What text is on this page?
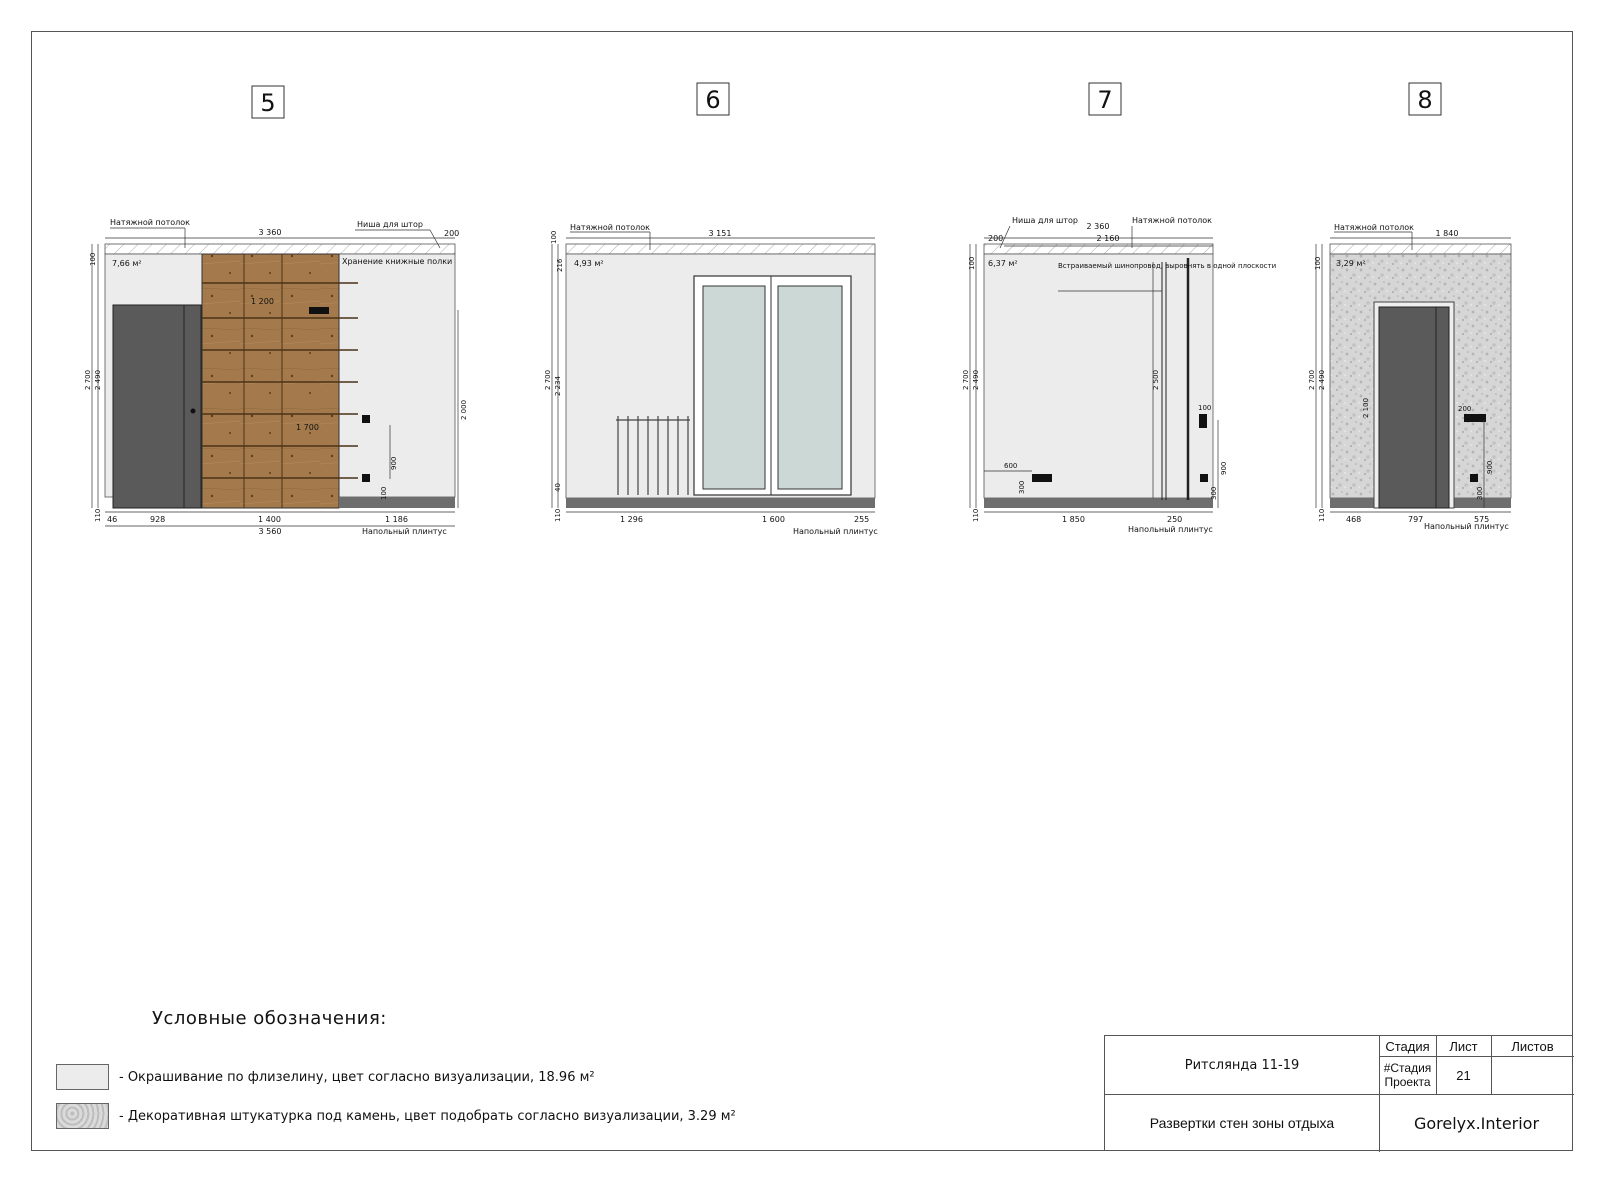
5
Натяжной потолок	Ниша для штор
3 360	200
7,66 м²	Хранение книжные полки
1 200
1 700
100
2 700 2 490
2 000
900
100
110 46	928	1 400	1 186
3 560	Напольный плинтус
6
Натяжной потолок
3 151
4,93 м²
100
216
2 700 2 234
40
110	1 296	1 600	255
Напольный плинтус
7
Ниша для штор	Натяжной потолок
2 360
2 160
200
6,37 м²	Встраиваемый шинопровод, выровнять в одной плоскости
100
2 700 2 490	2 500
100
900
300
600
300
110	1 850	250
Напольный плинтус
8
Натяжной потолок
1 840
3,29 м²
100
2 700 2 490
2 100	200
900
300
110	468	797	575
Напольный плинтус
Условные обозначения:
- Окрашивание по флизелину, цвет согласно визуализации, 18.96 м²
- Декоративная штукатурка под камень, цвет подобрать согласно визуализации, 3.29 м²
Ритсляндa 11-19
Развертки стен зоны отдыха
Стадия	Лист	Листов
#Стадия Проекта	21
Gorelyx.Interior
